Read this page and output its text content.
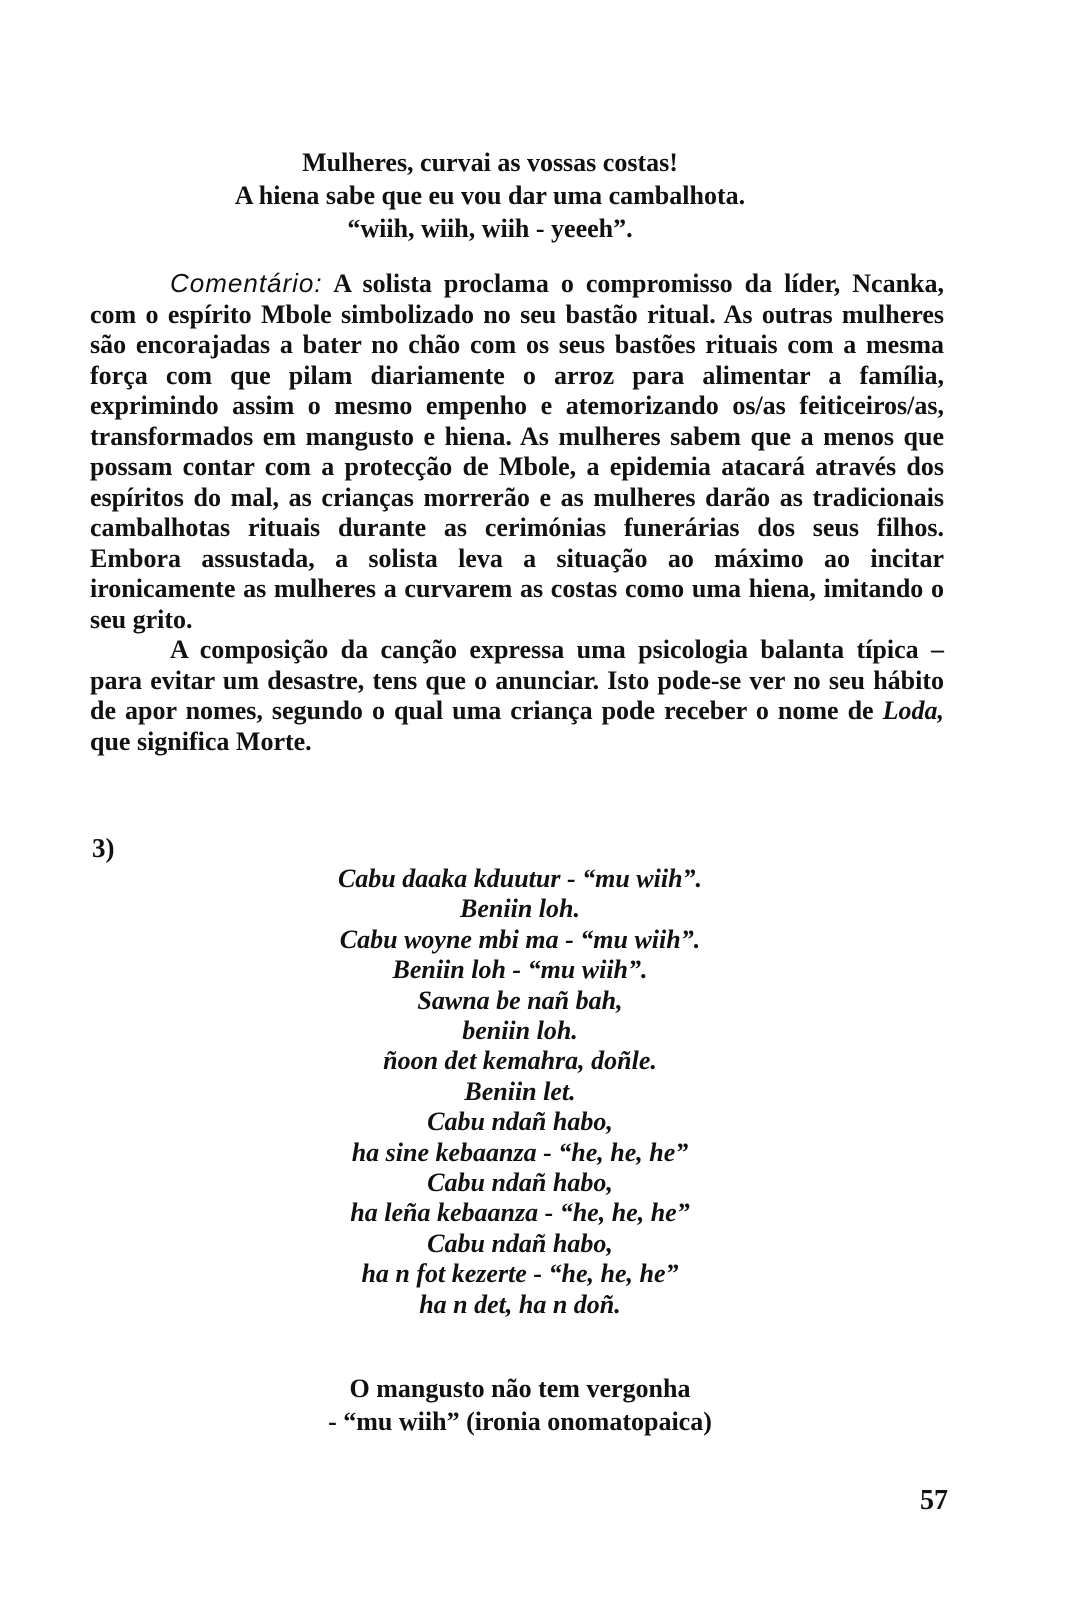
Mulheres, curvai as vossas costas!
A hiena sabe que eu vou dar uma cambalhota.
“wiih, wiih, wiih - yeeeh”.

Comentário: A solista proclama o compromisso da líder, Ncanka, com o espírito Mbole simbolizado no seu bastão ritual. As outras mulheres são encorajadas a bater no chão com os seus bastões rituais com a mesma força com que pilam diariamente o arroz para alimentar a família, exprimindo assim o mesmo empenho e atemorizando os/as feiticeiros/as, transformados em mangusto e hiena. As mulheres sabem que a menos que possam contar com a protecção de Mbole, a epidemia atacará através dos espíritos do mal, as crianças morrerão e as mulheres darão as tradicionais cambalhotas rituais durante as cerimónias funerárias dos seus filhos. Embora assustada, a solista leva a situação ao máximo ao incitar ironicamente as mulheres a curvarem as costas como uma hiena, imitando o seu grito.

A composição da canção expressa uma psicologia balanta típica – para evitar um desastre, tens que o anunciar. Isto pode-se ver no seu hábito de apor nomes, segundo o qual uma criança pode receber o nome de Loda, que significa Morte.

3)
Cabu daaka kduutur - “mu wiih”.
Beniin loh.
Cabu woyne mbi ma - “mu wiih”.
Beniin loh - “mu wiih”.
Sawna be nañ bah,
beniin loh.
ñoon det kemahra, doñle.
Beniin let.
Cabu ndañ habo,
ha sine kebaanza - “he, he, he”
Cabu ndañ habo,
ha leña kebaanza - “he, he, he”
Cabu ndañ habo,
ha n fot kezerte - “he, he, he”
ha n det, ha n doñ.
O mangusto não tem vergonha
- “mu wiih” (ironia onomatopaica)
57
